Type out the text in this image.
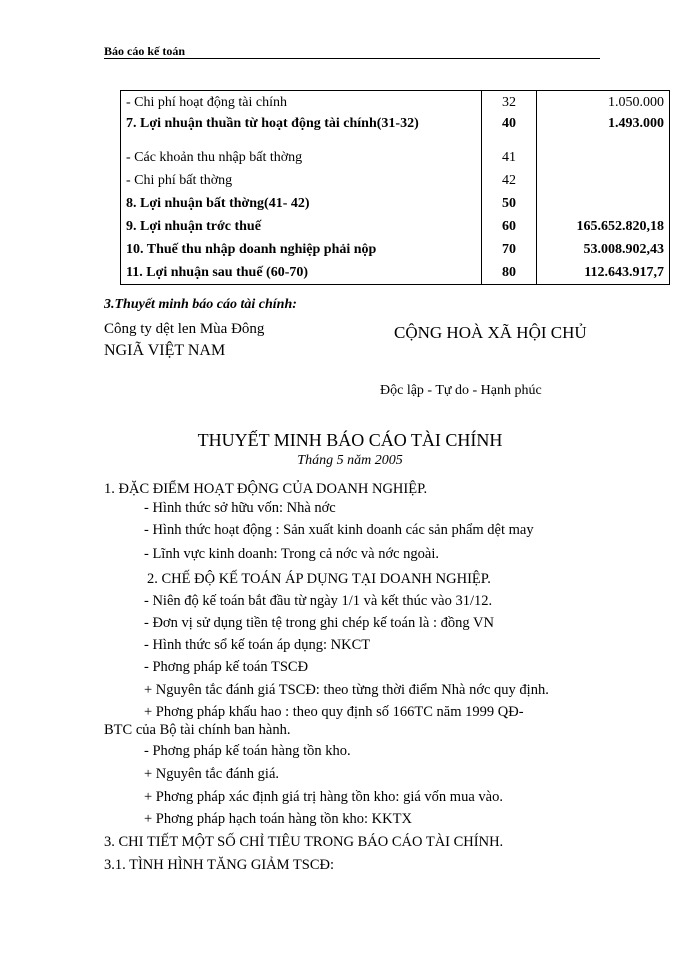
Báo cáo kế toán
- Chi phí hoạt động tài chính	32	1.050.000
7. Lợi nhuận thuần từ hoạt động tài chính(31-32)	40	1.493.000
- Các khoản thu nhập bất thờng	41	
- Chi phí bất thờng	42	
8. Lợi nhuận bất thờng(41- 42)	50	
9. Lợi nhuận trớc thuế	60	165.652.820,18
10. Thuế thu nhập doanh nghiệp phải nộp	70	53.008.902,43
11. Lợi nhuận sau thuế (60-70)	80	112.643.917,7
3.Thuyết minh báo cáo tài chính:
Công ty dệt len Mùa Đông
NGIÃ VIỆT NAM
CỘNG HOÀ XÃ HỘI CHỦ
Độc lập - Tự do - Hạnh phúc
THUYẾT MINH BÁO CÁO TÀI CHÍNH
Tháng 5 năm 2005
1. ĐẶC ĐIỂM HOẠT ĐỘNG CỦA DOANH NGHIỆP.
- Hình thức sở hữu vốn: Nhà nớc
- Hình thức hoạt động : Sản xuất kinh doanh các sản phẩm dệt may
- Lĩnh vực kinh doanh: Trong cả nớc và nớc ngoài.
2. CHẾ ĐỘ KẾ TOÁN ÁP DỤNG TẠI DOANH NGHIỆP.
- Niên độ kế toán bắt đầu từ ngày 1/1 và kết thúc vào 31/12.
- Đơn vị sử dụng tiền tệ trong ghi chép kế toán là : đồng VN
- Hình thức sổ kế toán áp dụng: NKCT
- Phơng pháp kế toán TSCĐ
+ Nguyên tắc đánh giá TSCĐ: theo từng thời điểm Nhà nớc quy định.
+ Phơng pháp khấu hao : theo quy định số 166TC năm 1999 QĐ-
BTC của Bộ tài chính ban hành.
- Phơng pháp kế toán hàng tồn kho.
+ Nguyên tắc đánh giá.
+ Phơng pháp xác định giá trị hàng tồn kho: giá vốn mua vào.
+ Phơng pháp hạch toán hàng tồn kho: KKTX
3. CHI TIẾT MỘT SỐ CHỈ TIÊU TRONG BÁO CÁO TÀI CHÍNH.
3.1. TÌNH HÌNH TĂNG GIẢM TSCĐ:
